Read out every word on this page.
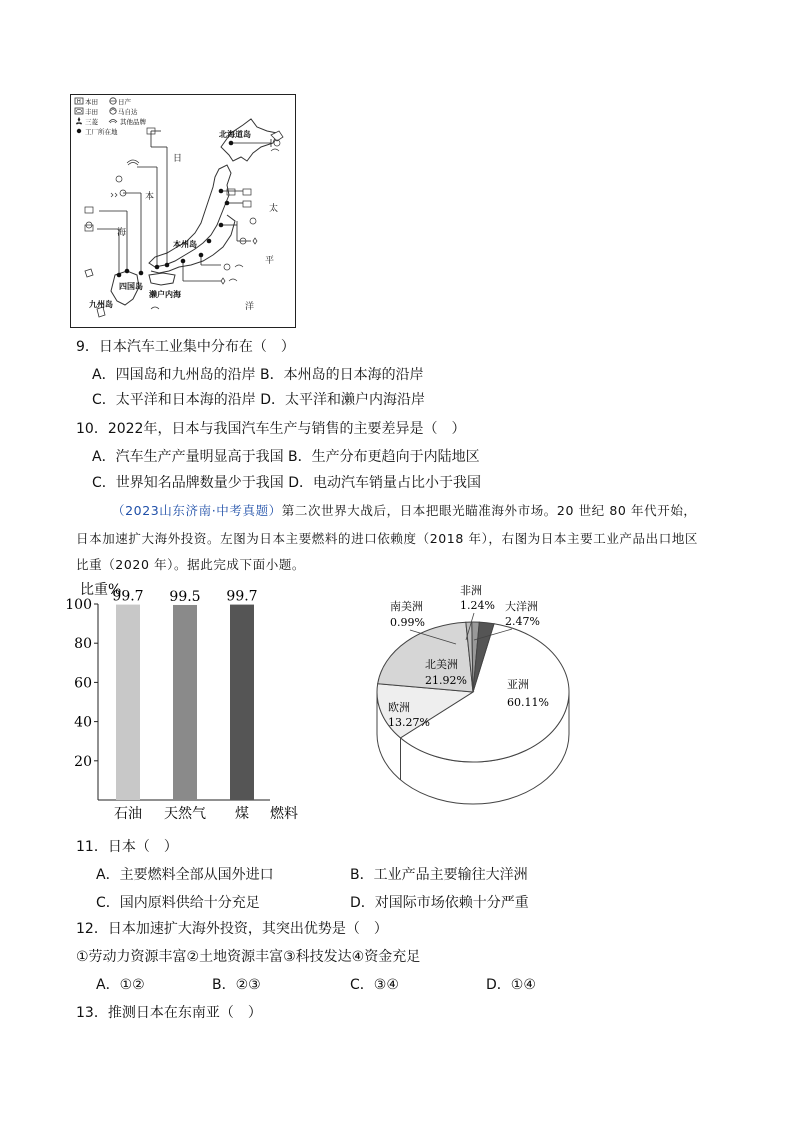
H 本田	日产
丰田	马自达
三菱	其他品牌
工厂所在地	北海道岛
本州岛
四国岛
九州岛
濑户内海
日
本
海
太
平
洋
9．日本汽车工业集中分布在（　）
A．四国岛和九州岛的沿岸 B．本州岛的日本海的沿岸
C．太平洋和日本海的沿岸 D．太平洋和濑户内海沿岸
10．2022年，日本与我国汽车生产与销售的主要差异是（　）
A．汽车生产产量明显高于我国 B．生产分布更趋向于内陆地区
C．世界知名品牌数量少于我国 D．电动汽车销量占比小于我国
（2023山东济南·中考真题）第二次世界大战后，日本把眼光瞄准海外市场。20 世纪 80 年代开始，
日本加速扩大海外投资。左图为日本主要燃料的进口依赖度（2018 年），右图为日本主要工业产品出口地区
比重（2020 年）。据此完成下面小题。
比重%
20
40
60
80
100
99.7 99.5 99.7
石油 天然气 煤 燃料
亚洲
60.11%
欧洲
13.27%
北美洲
21.92%
南美洲
0.99%
非洲
1.24% 大洋洲
2.47%
11．日本（　）
A．主要燃料全部从国外进口	B．工业产品主要输往大洋洲
C．国内原料供给十分充足	D．对国际市场依赖十分严重
12．日本加速扩大海外投资，其突出优势是（　）
①劳动力资源丰富②土地资源丰富③科技发达④资金充足
A．①②	B．②③	C．③④	D．①④
13．推测日本在东南亚（　）
